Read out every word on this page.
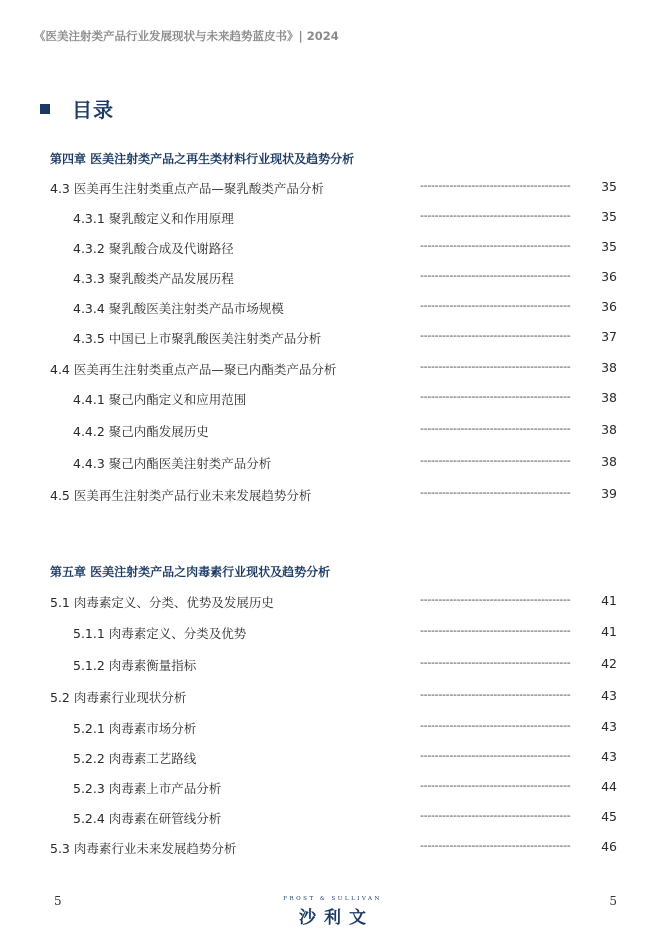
《医美注射类产品行业发展现状与未来趋势蓝皮书》| 2024
目录
第四章 医美注射类产品之再生类材料行业现状及趋势分析
4.3 医美再生注射类重点产品—聚乳酸类产品分析	----------------------------------------- 35
4.3.1 聚乳酸定义和作用原理	----------------------------------------- 35
4.3.2 聚乳酸合成及代谢路径	----------------------------------------- 35
4.3.3 聚乳酸类产品发展历程	----------------------------------------- 36
4.3.4 聚乳酸医美注射类产品市场规模	----------------------------------------- 36
4.3.5 中国已上市聚乳酸医美注射类产品分析	----------------------------------------- 37
4.4 医美再生注射类重点产品—聚已内酯类产品分析	----------------------------------------- 38
4.4.1 聚己内酯定义和应用范围	----------------------------------------- 38
4.4.2 聚己内酯发展历史	----------------------------------------- 38
4.4.3 聚己内酯医美注射类产品分析	----------------------------------------- 38
4.5 医美再生注射类产品行业未来发展趋势分析	----------------------------------------- 39
第五章 医美注射类产品之肉毒素行业现状及趋势分析
5.1 肉毒素定义、分类、优势及发展历史	----------------------------------------- 41
5.1.1 肉毒素定义、分类及优势	----------------------------------------- 41
5.1.2 肉毒素衡量指标	----------------------------------------- 42
5.2 肉毒素行业现状分析	----------------------------------------- 43
5.2.1 肉毒素市场分析	----------------------------------------- 43
5.2.2 肉毒素工艺路线	----------------------------------------- 43
5.2.3 肉毒素上市产品分析	----------------------------------------- 44
5.2.4 肉毒素在研管线分析	----------------------------------------- 45
5.3 肉毒素行业未来发展趋势分析	----------------------------------------- 46
5	5
FROST & SULLIVAN
沙利文
